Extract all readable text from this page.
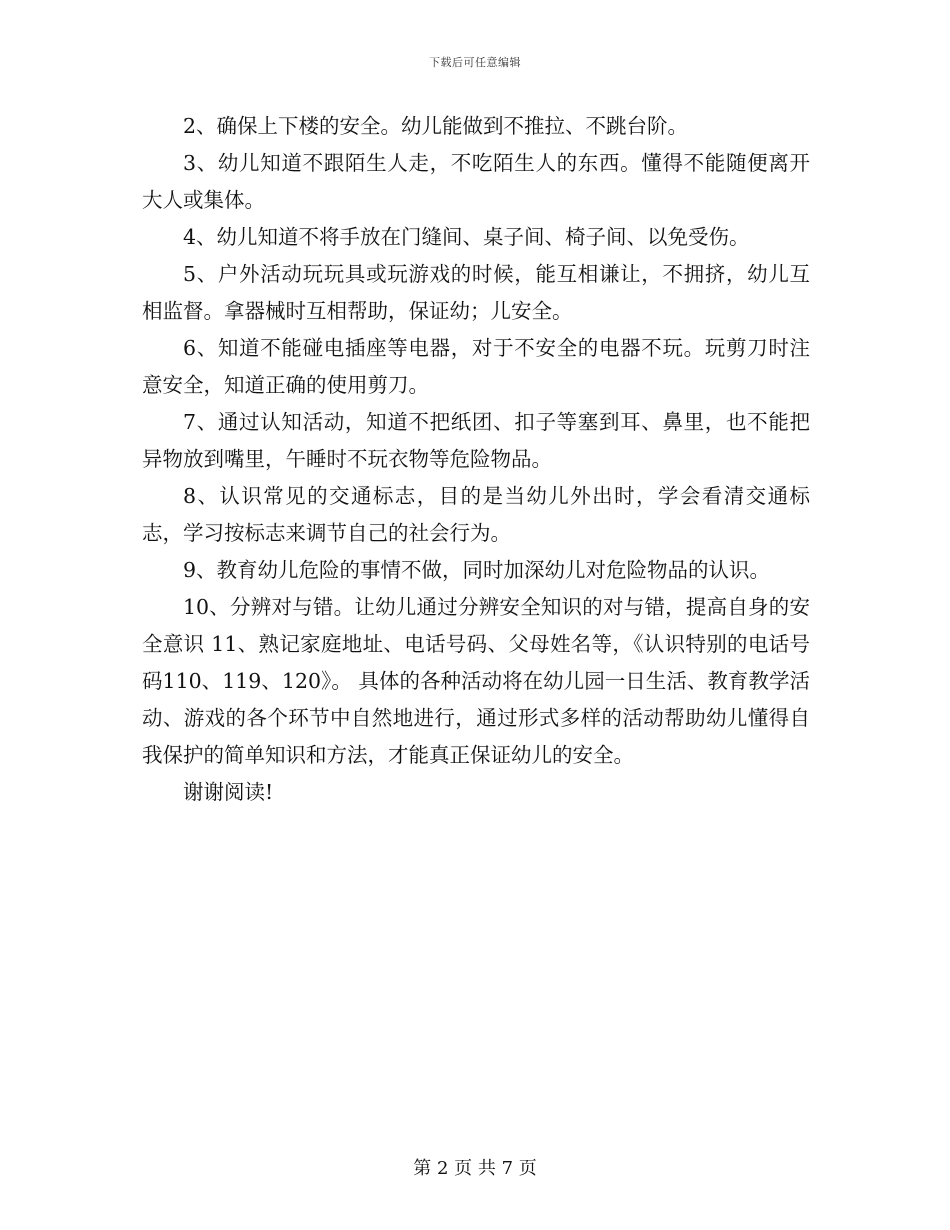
下载后可任意编辑

2、确保上下楼的安全。幼儿能做到不推拉、不跳台阶。

3、幼儿知道不跟陌生人走，不吃陌生人的东西。懂得不能随便离开大人或集体。

4、幼儿知道不将手放在门缝间、桌子间、椅子间、以免受伤。

5、户外活动玩玩具或玩游戏的时候，能互相谦让，不拥挤，幼儿互相监督。拿器械时互相帮助，保证幼；儿安全。

6、知道不能碰电插座等电器，对于不安全的电器不玩。玩剪刀时注意安全，知道正确的使用剪刀。

7、通过认知活动，知道不把纸团、扣子等塞到耳、鼻里，也不能把异物放到嘴里，午睡时不玩衣物等危险物品。

8、认识常见的交通标志，目的是当幼儿外出时，学会看清交通标志，学习按标志来调节自己的社会行为。

9、教育幼儿危险的事情不做，同时加深幼儿对危险物品的认识。

10、分辨对与错。让幼儿通过分辨安全知识的对与错，提高自身的安全意识 11、熟记家庭地址、电话号码、父母姓名等，《认识特别的电话号码110、119、120》。 具体的各种活动将在幼儿园一日生活、教育教学活动、游戏的各个环节中自然地进行，通过形式多样的活动帮助幼儿懂得自我保护的简单知识和方法，才能真正保证幼儿的安全。

谢谢阅读!

第 2 页 共 7 页
